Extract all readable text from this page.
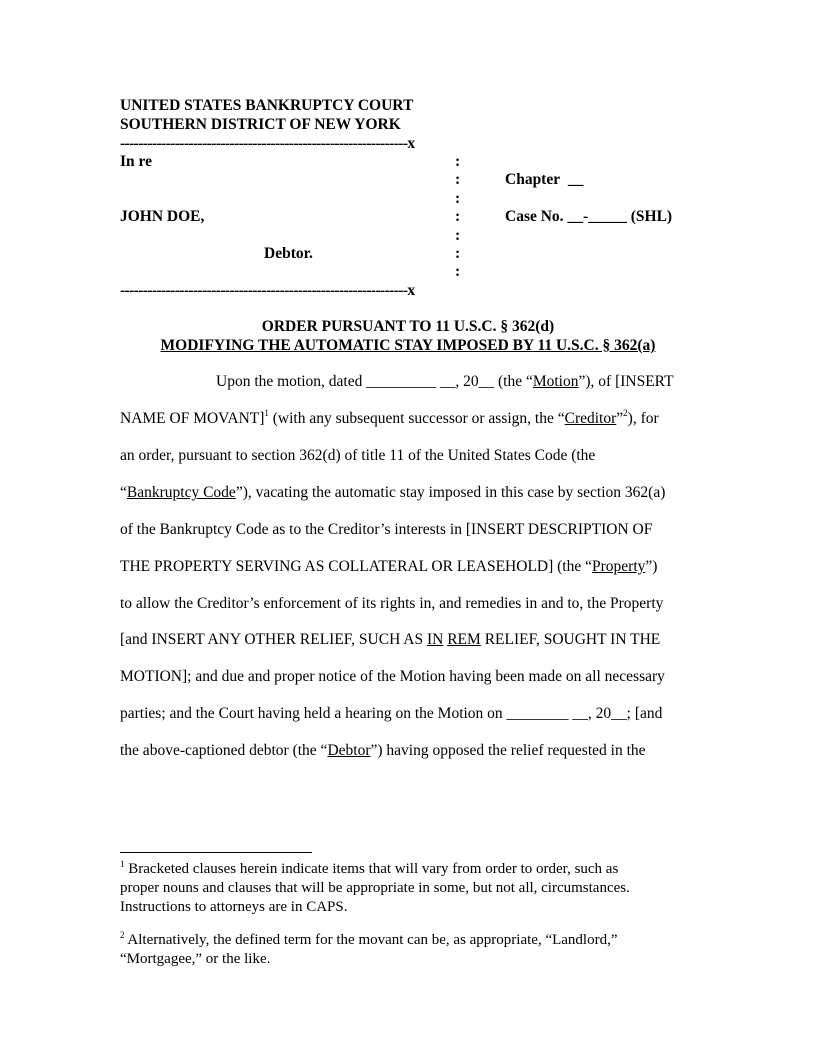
UNITED STATES BANKRUPTCY COURT
SOUTHERN DISTRICT OF NEW YORK
---------------------------------------------------------------x
In re
JOHN DOE,
Debtor.
:
:
:
:
:
:
:
Chapter __
Case No. __-_____ (SHL)
---------------------------------------------------------------x
ORDER PURSUANT TO 11 U.S.C. § 362(d)
MODIFYING THE AUTOMATIC STAY IMPOSED BY 11 U.S.C. § 362(a)
Upon the motion, dated _________ __, 20__ (the “Motion”), of [INSERT
NAME OF MOVANT]$^1$ (with any subsequent successor or assign, the “Creditor”$^2$), for
an order, pursuant to section 362(d) of title 11 of the United States Code (the
“Bankruptcy Code”), vacating the automatic stay imposed in this case by section 362(a)
of the Bankruptcy Code as to the Creditor’s interests in [INSERT DESCRIPTION OF
THE PROPERTY SERVING AS COLLATERAL OR LEASEHOLD] (the “Property”)
to allow the Creditor’s enforcement of its rights in, and remedies in and to, the Property
[and INSERT ANY OTHER RELIEF, SUCH AS IN REM RELIEF, SOUGHT IN THE
MOTION]; and due and proper notice of the Motion having been made on all necessary
parties; and the Court having held a hearing on the Motion on ________ __, 20__; [and
the above-captioned debtor (the “Debtor”) having opposed the relief requested in the
$^1$ Bracketed clauses herein indicate items that will vary from order to order, such as
proper nouns and clauses that will be appropriate in some, but not all, circumstances.
Instructions to attorneys are in CAPS.
$^2$ Alternatively, the defined term for the movant can be, as appropriate, “Landlord,”
“Mortgagee,” or the like.
